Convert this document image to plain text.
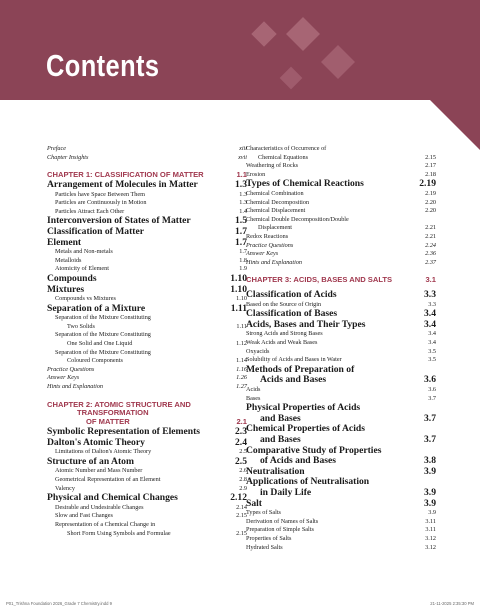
Contents
Preface	xiii
Chapter Insights	xvii
CHAPTER 1: CLASSIFICATION OF MATTER	1.1
Arrangement of Molecules in Matter	1.3
Particles have Space Between Them	1.3
Particles are Continuously in Motion	1.3
Particles Attract Each Other	1.4
Interconversion of States of Matter	1.5
Classification of Matter	1.7
Element	1.7
Metals and Non-metals	1.7
Metalloids	1.8
Atomicity of Element	1.9
Compounds	1.10
Mixtures	1.10
Compounds vs Mixtures	1.10
Separation of a Mixture	1.11
Separation of the Mixture Constituting
Two Solids	1.11
Separation of the Mixture Constituting
One Solid and One Liquid	1.12
Separation of the Mixture Constituting
Coloured Components	1.14
Practice Questions	1.16
Answer Keys	1.26
Hints and Explanation	1.27
CHAPTER 2: ATOMIC STRUCTURE AND
TRANSFORMATION
OF MATTER	2.1
Symbolic Representation of Elements	2.3
Dalton's Atomic Theory	2.4
Limitations of Dalton's Atomic Theory	2.5
Structure of an Atom	2.5
Atomic Number and Mass Number	2.6
Geometrical Representation of an Element	2.8
Valency	2.9
Physical and Chemical Changes	2.12
Desirable and Undesirable Changes	2.14
Slow and Fast Changes	2.15
Representation of a Chemical Change in
Short Form Using Symbols and Formulae	2.15
Characteristics of Occurrence of
Chemical Equations	2.15
Weathering of Rocks	2.17
Erosion	2.18
Types of Chemical Reactions	2.19
Chemical Combination	2.19
Chemical Decomposition	2.20
Chemical Displacement	2.20
Chemical Double Decomposition/Double
Displacement	2.21
Redox Reactions	2.21
Practice Questions	2.24
Answer Keys	2.36
Hints and Explanation	2.37
CHAPTER 3: ACIDS, BASES AND SALTS	3.1
Classification of Acids	3.3
Based on the Source of Origin	3.3
Classification of Bases	3.4
Acids, Bases and Their Types	3.4
Strong Acids and Strong Bases	3.4
Weak Acids and Weak Bases	3.4
Oxyacids	3.5
Solubility of Acids and Bases in Water	3.5
Methods of Preparation of
Acids and Bases	3.6
Acids	3.6
Bases	3.7
Physical Properties of Acids
and Bases	3.7
Chemical Properties of Acids
and Bases	3.7
Comparative Study of Properties
of Acids and Bases	3.8
Neutralisation	3.9
Applications of Neutralisation
in Daily Life	3.9
Salt	3.9
Types of Salts	3.9
Derivation of Names of Salts	3.11
Preparation of Simple Salts	3.11
Properties of Salts	3.12
Hydrated Salts	3.12
P01_Trishna Foundation 2026_Grade 7 Chemistry.indd 9	21-11-2025 2:35:30 PM
